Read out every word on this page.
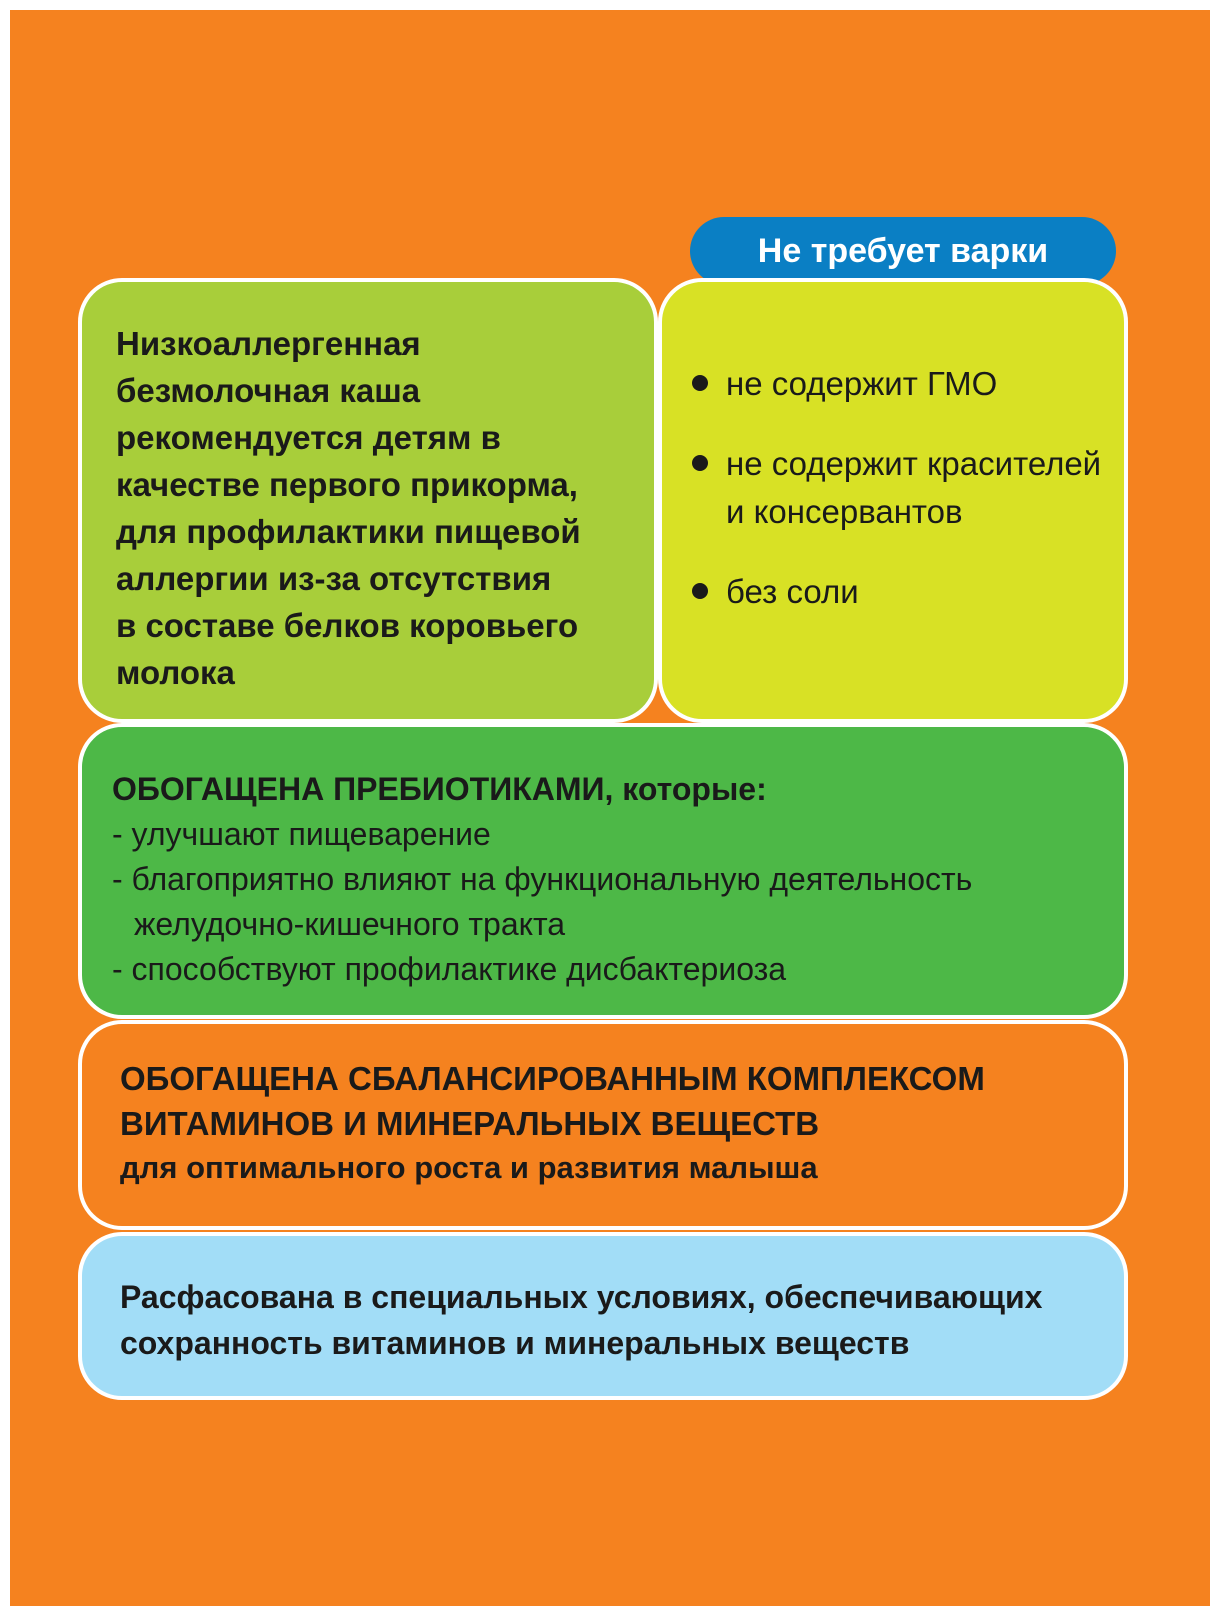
Не требует варки
Низкоаллергенная
безмолочная каша
рекомендуется детям в
качестве первого прикорма,
для профилактики пищевой
аллергии из-за отсутствия
в составе белков коровьего
молока
не содержит ГМО
не содержит красителей
и консервантов
без соли
ОБОГАЩЕНА ПРЕБИОТИКАМИ, которые:
- улучшают пищеварение
- благоприятно влияют на функциональную деятельность
желудочно-кишечного тракта
- способствуют профилактике дисбактериоза
ОБОГАЩЕНА СБАЛАНСИРОВАННЫМ КОМПЛЕКСОМ
ВИТАМИНОВ И МИНЕРАЛЬНЫХ ВЕЩЕСТВ
для оптимального роста и развития малыша
Расфасована в специальных условиях, обеспечивающих
сохранность витаминов и минеральных веществ
